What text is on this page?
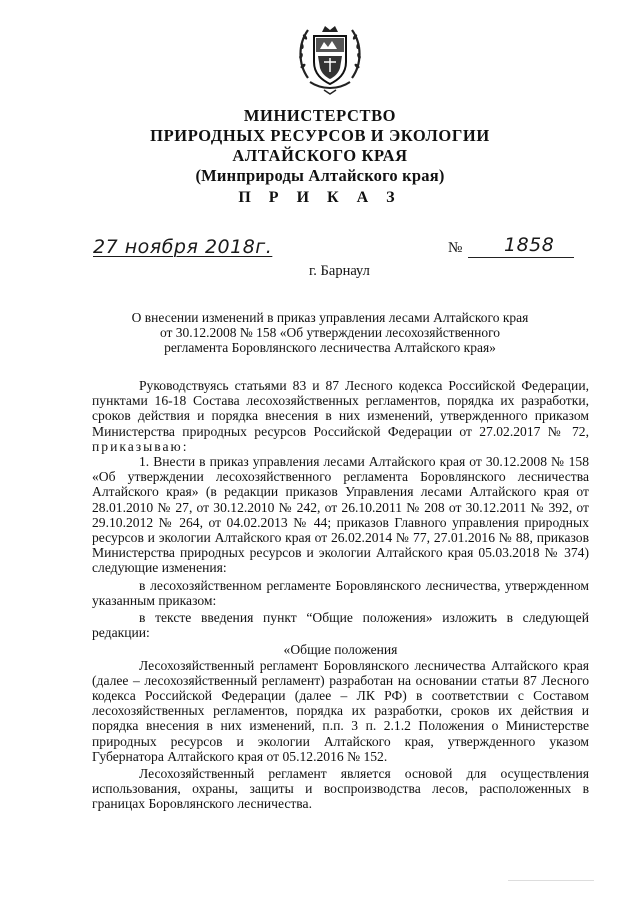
МИНИСТЕРСТВО

ПРИРОДНЫХ РЕСУРСОВ И ЭКОЛОГИИ

АЛТАЙСКОГО КРАЯ

(Минприроды Алтайского края)

П Р И К А З

27 ноября 2018г.	№ 1858
г. Барнаул
О внесении изменений в приказ управления лесами Алтайского края
от 30.12.2008 № 158 «Об утверждении лесохозяйственного
регламента Боровлянского лесничества Алтайского края»

Руководствуясь статьями 83 и 87 Лесного кодекса Российской Федерации, пунктами 16-18 Состава лесохозяйственных регламентов, порядка их разработки, сроков действия и порядка внесения в них изменений, утвержденного приказом Министерства природных ресурсов Российской Федерации от 27.02.2017 № 72, приказываю:

1. Внести в приказ управления лесами Алтайского края от 30.12.2008 № 158 «Об утверждении лесохозяйственного регламента Боровлянского лесничества Алтайского края» (в редакции приказов Управления лесами Алтайского края от 28.01.2010 № 27, от 30.12.2010 № 242, от 26.10.2011 № 208 от 30.12.2011 № 392, от 29.10.2012 № 264, от 04.02.2013 № 44; приказов Главного управления природных ресурсов и экологии Алтайского края от 26.02.2014 № 77, 27.01.2016 № 88, приказов Министерства природных ресурсов и экологии Алтайского края 05.03.2018 № 374) следующие изменения:

в лесохозяйственном регламенте Боровлянского лесничества, утвержденном указанным приказом:

в тексте введения пункт “Общие положения» изложить в следующей редакции:

«Общие положения

Лесохозяйственный регламент Боровлянского лесничества Алтайского края (далее – лесохозяйственный регламент) разработан на основании статьи 87 Лесного кодекса Российской Федерации (далее – ЛК РФ) в соответствии с Составом лесохозяйственных регламентов, порядка их разработки, сроков их действия и порядка внесения в них изменений, п.п. 3 п. 2.1.2 Положения о Министерстве природных ресурсов и экологии Алтайского края, утвержденного указом Губернатора Алтайского края от 05.12.2016 № 152.

Лесохозяйственный регламент является основой для осуществления использования, охраны, защиты и воспроизводства лесов, расположенных в границах Боровлянского лесничества.
